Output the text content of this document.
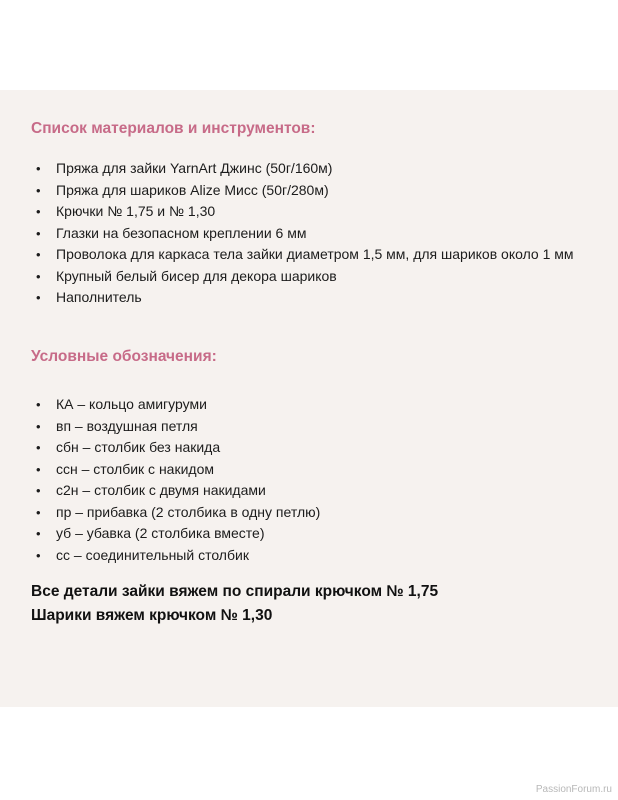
Список материалов и инструментов:
• Пряжа для зайки YarnArt Джинс (50г/160м)
• Пряжа для шариков Alize Мисс (50г/280м)
• Крючки № 1,75 и № 1,30
• Глазки на безопасном креплении 6 мм
• Проволока для каркаса тела зайки диаметром 1,5 мм, для шариков около 1 мм
• Крупный белый бисер для декора шариков
• Наполнитель
Условные обозначения:
• КА – кольцо амигуруми
• вп – воздушная петля
• сбн – столбик без накида
• ссн – столбик с накидом
• с2н – столбик с двумя накидами
• пр – прибавка (2 столбика в одну петлю)
• уб – убавка (2 столбика вместе)
• сс – соединительный столбик

Все детали зайки вяжем по спирали крючком № 1,75

Шарики вяжем крючком № 1,30

PassionForum.ru
